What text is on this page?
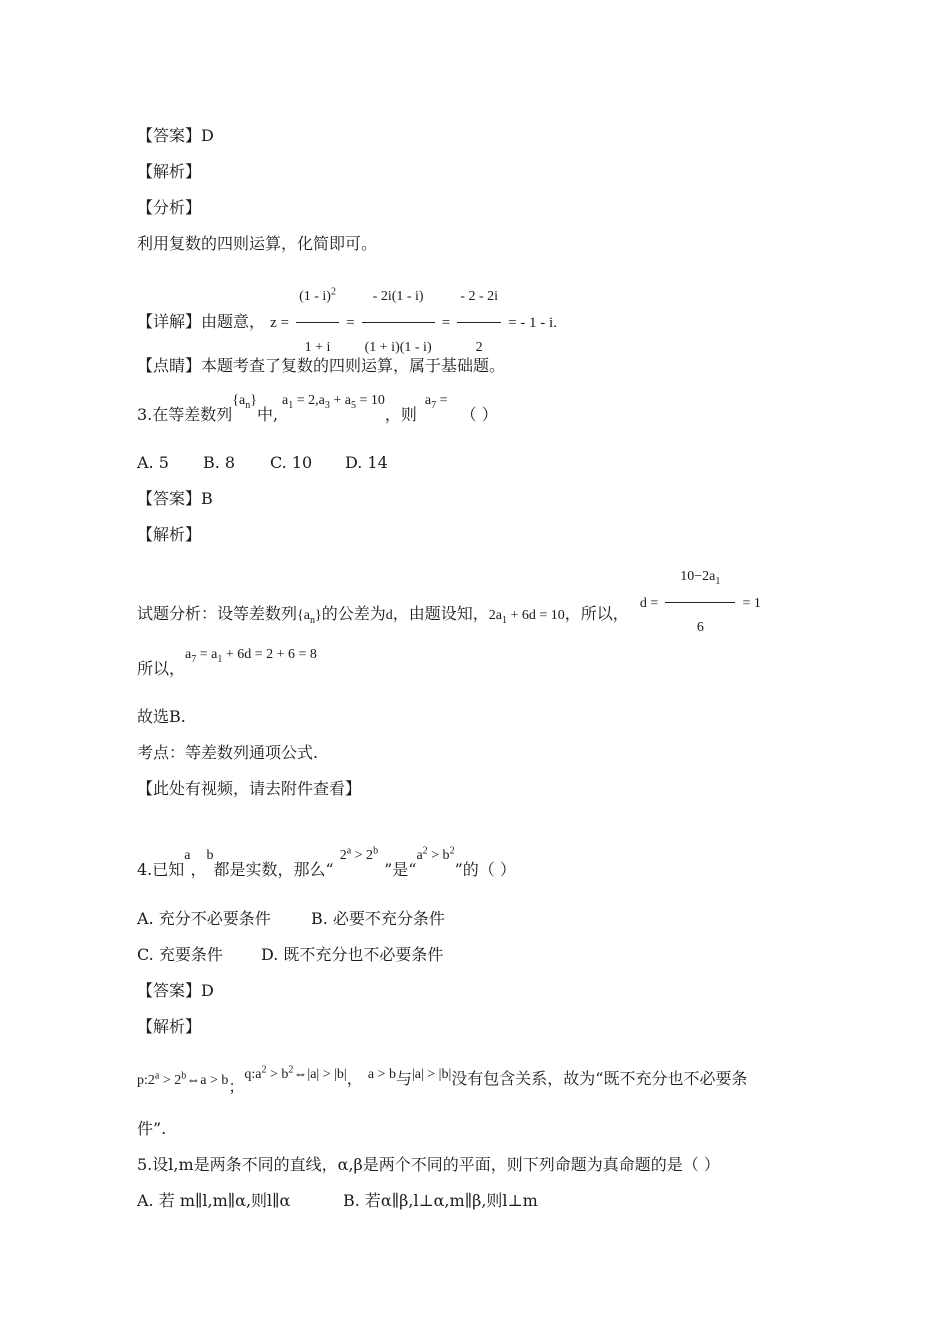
【答案】D
【解析】
【分析】
利用复数的四则运算，化简即可。
【详解】由题意， $z = \frac{(1 - i)^2}{1 + i} = \frac{- 2i(1 - i)}{(1 + i)(1 - i)} = \frac{- 2 - 2i}{2}$ = - 1 - i.
【点睛】本题考查了复数的四则运算，属于基础题。
3.在等差数列$\{a_n\}$中$,a_1 = 2,a_3 + a_5 = 10$，则$a_7$ = （ ）
A. 5 B. 8 C. 10 D. 14
【答案】B
【解析】
试题分析：设等差数列$\{a_n\}$的公差为d，由题设知，$2a_1 + 6d = 10$，所以， $d = \frac{10-2a_1}{6} = 1$
所以，$a_7 = a_1 + 6d = 2 + 6 = 8$
故选B.
考点：等差数列通项公式.
【此处有视频，请去附件查看】
4.已知a，b都是实数，那么“$2^a > 2^b$”是“$a^2 > b^2$”的（ ）
A. 充分不必要条件	B. 必要不充分条件
C. 充要条件 D. 既不充分也不必要条件
【答案】D
【解析】
$p:2^a$ > $2^b\Leftrightarrow a > b$；$q:a^2$ > $b^2\Leftrightarrow|a| > |b|$， a > b与|a| > |b|没有包含关系，故为“既不充分也不必要条
件”.
5.设l,m是两条不同的直线，α,β是两个不同的平面，则下列命题为真命题的是（ ）
A. 若 m∥l,m∥α,则l∥α	B. 若α∥β,l⊥α,m∥β,则l⊥m
